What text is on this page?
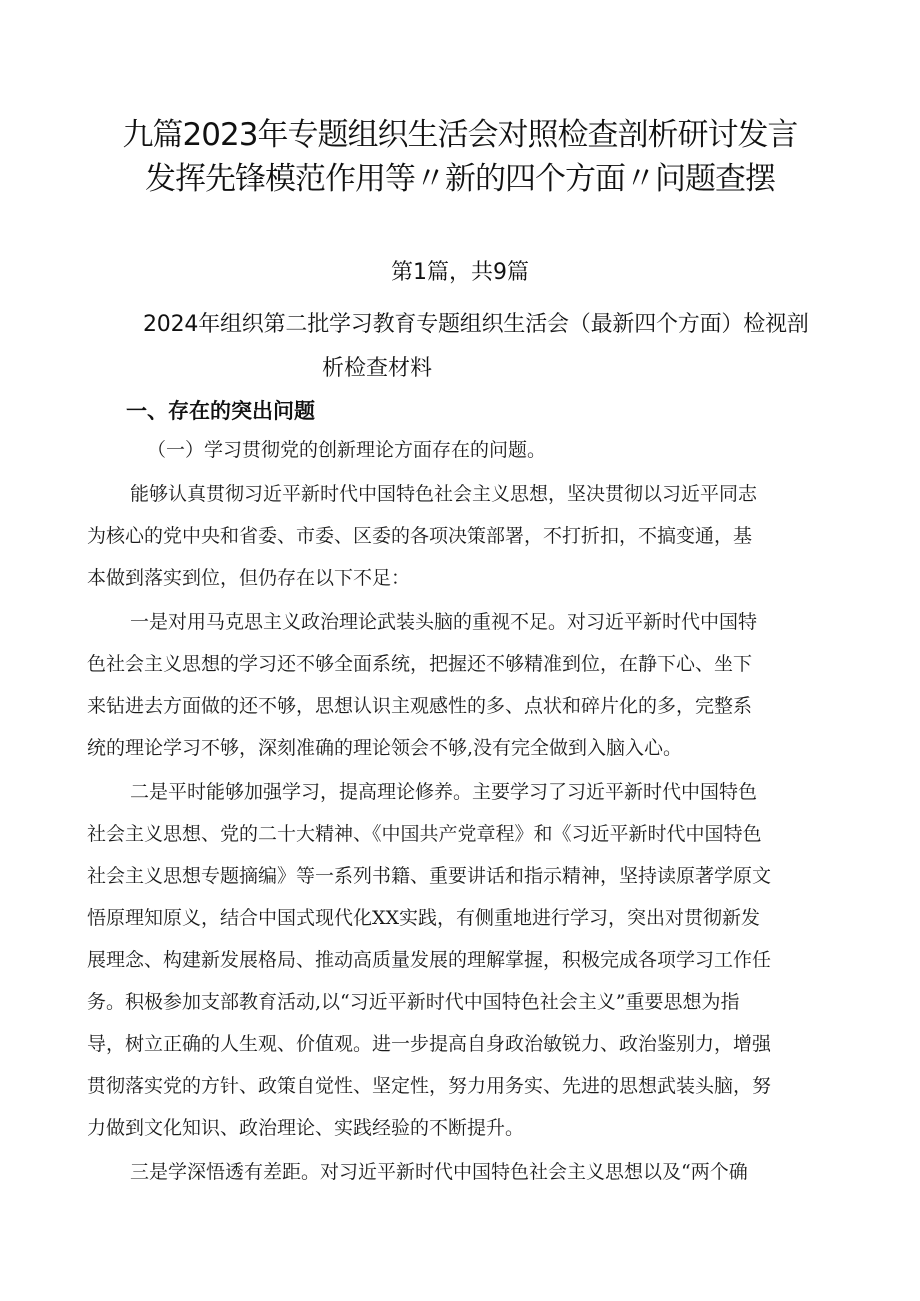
九篇2023年专题组织生活会对照检查剖析研讨发言
发挥先锋模范作用等〃新的四个方面〃问题查摆

第1篇，共9篇

2024年组织第二批学习教育专题组织生活会（最新四个方面）检视剖

析检查材料

一、存在的突出问题

（一）学习贯彻党的创新理论方面存在的问题。

能够认真贯彻习近平新时代中国特色社会主义思想，坚决贯彻以习近平同志

为核心的党中央和省委、市委、区委的各项决策部署，不打折扣，不搞变通，基

本做到落实到位，但仍存在以下不足：

一是对用马克思主义政治理论武装头脑的重视不足。对习近平新时代中国特

色社会主义思想的学习还不够全面系统，把握还不够精准到位，在静下心、坐下

来钻进去方面做的还不够，思想认识主观感性的多、点状和碎片化的多，完整系

统的理论学习不够，深刻准确的理论领会不够,没有完全做到入脑入心。

二是平时能够加强学习，提高理论修养。主要学习了习近平新时代中国特色

社会主义思想、党的二十大精神、《中国共产党章程》和《习近平新时代中国特色

社会主义思想专题摘编》等一系列书籍、重要讲话和指示精神，坚持读原著学原文

悟原理知原义，结合中国式现代化XX实践，有侧重地进行学习，突出对贯彻新发

展理念、构建新发展格局、推动高质量发展的理解掌握，积极完成各项学习工作任

务。积极参加支部教育活动,以“习近平新时代中国特色社会主义”重要思想为指

导，树立正确的人生观、价值观。进一步提高自身政治敏锐力、政治鉴别力，增强

贯彻落实党的方针、政策自觉性、坚定性，努力用务实、先进的思想武装头脑，努

力做到文化知识、政治理论、实践经验的不断提升。

三是学深悟透有差距。对习近平新时代中国特色社会主义思想以及“两个确
